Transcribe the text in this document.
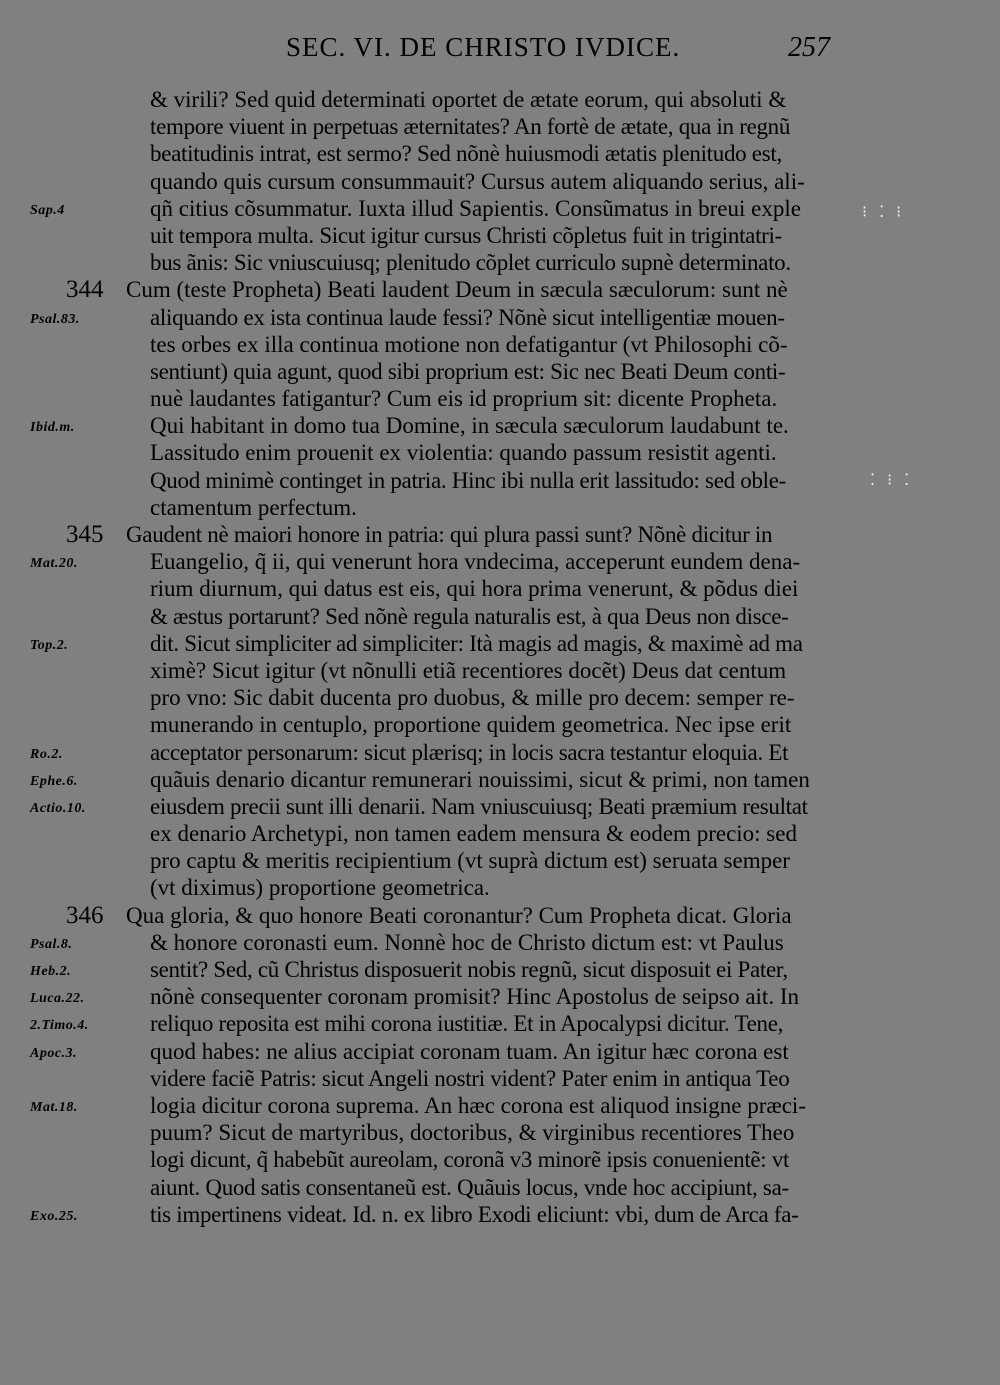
SEC. VI. DE CHRISTO IVDICE.	257
& virili? Sed quid determinati oportet de ætate eorum, qui absoluti &
tempore viuent in perpetuas æternitates? An fortè de ætate, qua in regnũ
beatitudinis intrat, est sermo? Sed nõnè huiusmodi ætatis plenitudo est,
quando quis cursum consummauit? Cursus autem aliquando serius, ali-
Sap.4	qñ citius cõsummatur. Iuxta illud Sapientis. Consũmatus in breui exple
uit tempora multa. Sicut igitur cursus Christi cõpletus fuit in trigintatri-
bus ãnis: Sic vniuscuiusq; plenitudo cõplet curriculo supnè determinato.
344 Cum (teste Propheta) Beati laudent Deum in sæcula sæculorum: sunt nè
Psal.83.	aliquando ex ista continua laude fessi? Nõnè sicut intelligentiæ mouen-
tes orbes ex illa continua motione non defatigantur (vt Philosophi cõ-
sentiunt) quia agunt, quod sibi proprium est: Sic nec Beati Deum conti-
nuè laudantes fatigantur? Cum eis id proprium sit: dicente Propheta.
Ibid.m.	Qui habitant in domo tua Domine, in sæcula sæculorum laudabunt te.
Lassitudo enim prouenit ex violentia: quando passum resistit agenti.
Quod minimè continget in patria. Hinc ibi nulla erit lassitudo: sed oble-
ctamentum perfectum.
345 Gaudent nè maiori honore in patria: qui plura passi sunt? Nõnè dicitur in
Mat.20.	Euangelio, q̃ ii, qui venerunt hora vndecima, acceperunt eundem dena-
rium diurnum, qui datus est eis, qui hora prima venerunt, & põdus diei
& æstus portarunt? Sed nõnè regula naturalis est, à qua Deus non disce-
Top.2.	dit. Sicut simpliciter ad simpliciter: Ità magis ad magis, & maximè ad ma
ximè? Sicut igitur (vt nõnulli etiã recentiores docẽt) Deus dat centum
pro vno: Sic dabit ducenta pro duobus, & mille pro decem: semper re-
munerando in centuplo, proportione quidem geometrica. Nec ipse erit
Ro.2.	acceptator personarum: sicut plærisq; in locis sacra testantur eloquia. Et
Ephe.6.	quãuis denario dicantur remunerari nouissimi, sicut & primi, non tamen
Actio.10.	eiusdem precii sunt illi denarii. Nam vniuscuiusq; Beati præmium resultat
ex denario Archetypi, non tamen eadem mensura & eodem precio: sed
pro captu & meritis recipientium (vt suprà dictum est) seruata semper
(vt diximus) proportione geometrica.
346 Qua gloria, & quo honore Beati coronantur? Cum Propheta dicat. Gloria
Psal.8.	& honore coronasti eum. Nonnè hoc de Christo dictum est: vt Paulus
Heb.2.	sentit? Sed, cũ Christus disposuerit nobis regnũ, sicut disposuit ei Pater,
Luca.22.	nõnè consequenter coronam promisit? Hinc Apostolus de seipso ait. In
2.Timo.4.	reliquo reposita est mihi corona iustitiæ. Et in Apocalypsi dicitur. Tene,
Apoc.3.	quod habes: ne alius accipiat coronam tuam. An igitur hæc corona est
videre faciẽ Patris: sicut Angeli nostri vident? Pater enim in antiqua Teo
Mat.18.	logia dicitur corona suprema. An hæc corona est aliquod insigne præci-
puum? Sicut de martyribus, doctoribus, & virginibus recentiores Theo
logi dicunt, q̃ habebũt aureolam, coronã v3 minorẽ ipsis conuenientẽ: vt
aiunt. Quod satis consentaneũ est. Quãuis locus, vnde hoc accipiunt, sa-
Exo.25.	tis impertinens videat. Id. n. ex libro Exodi eliciunt: vbi, dum de Arca fa-
⁝ ⁚ ⁝
⁚ ⁝ ⁚
